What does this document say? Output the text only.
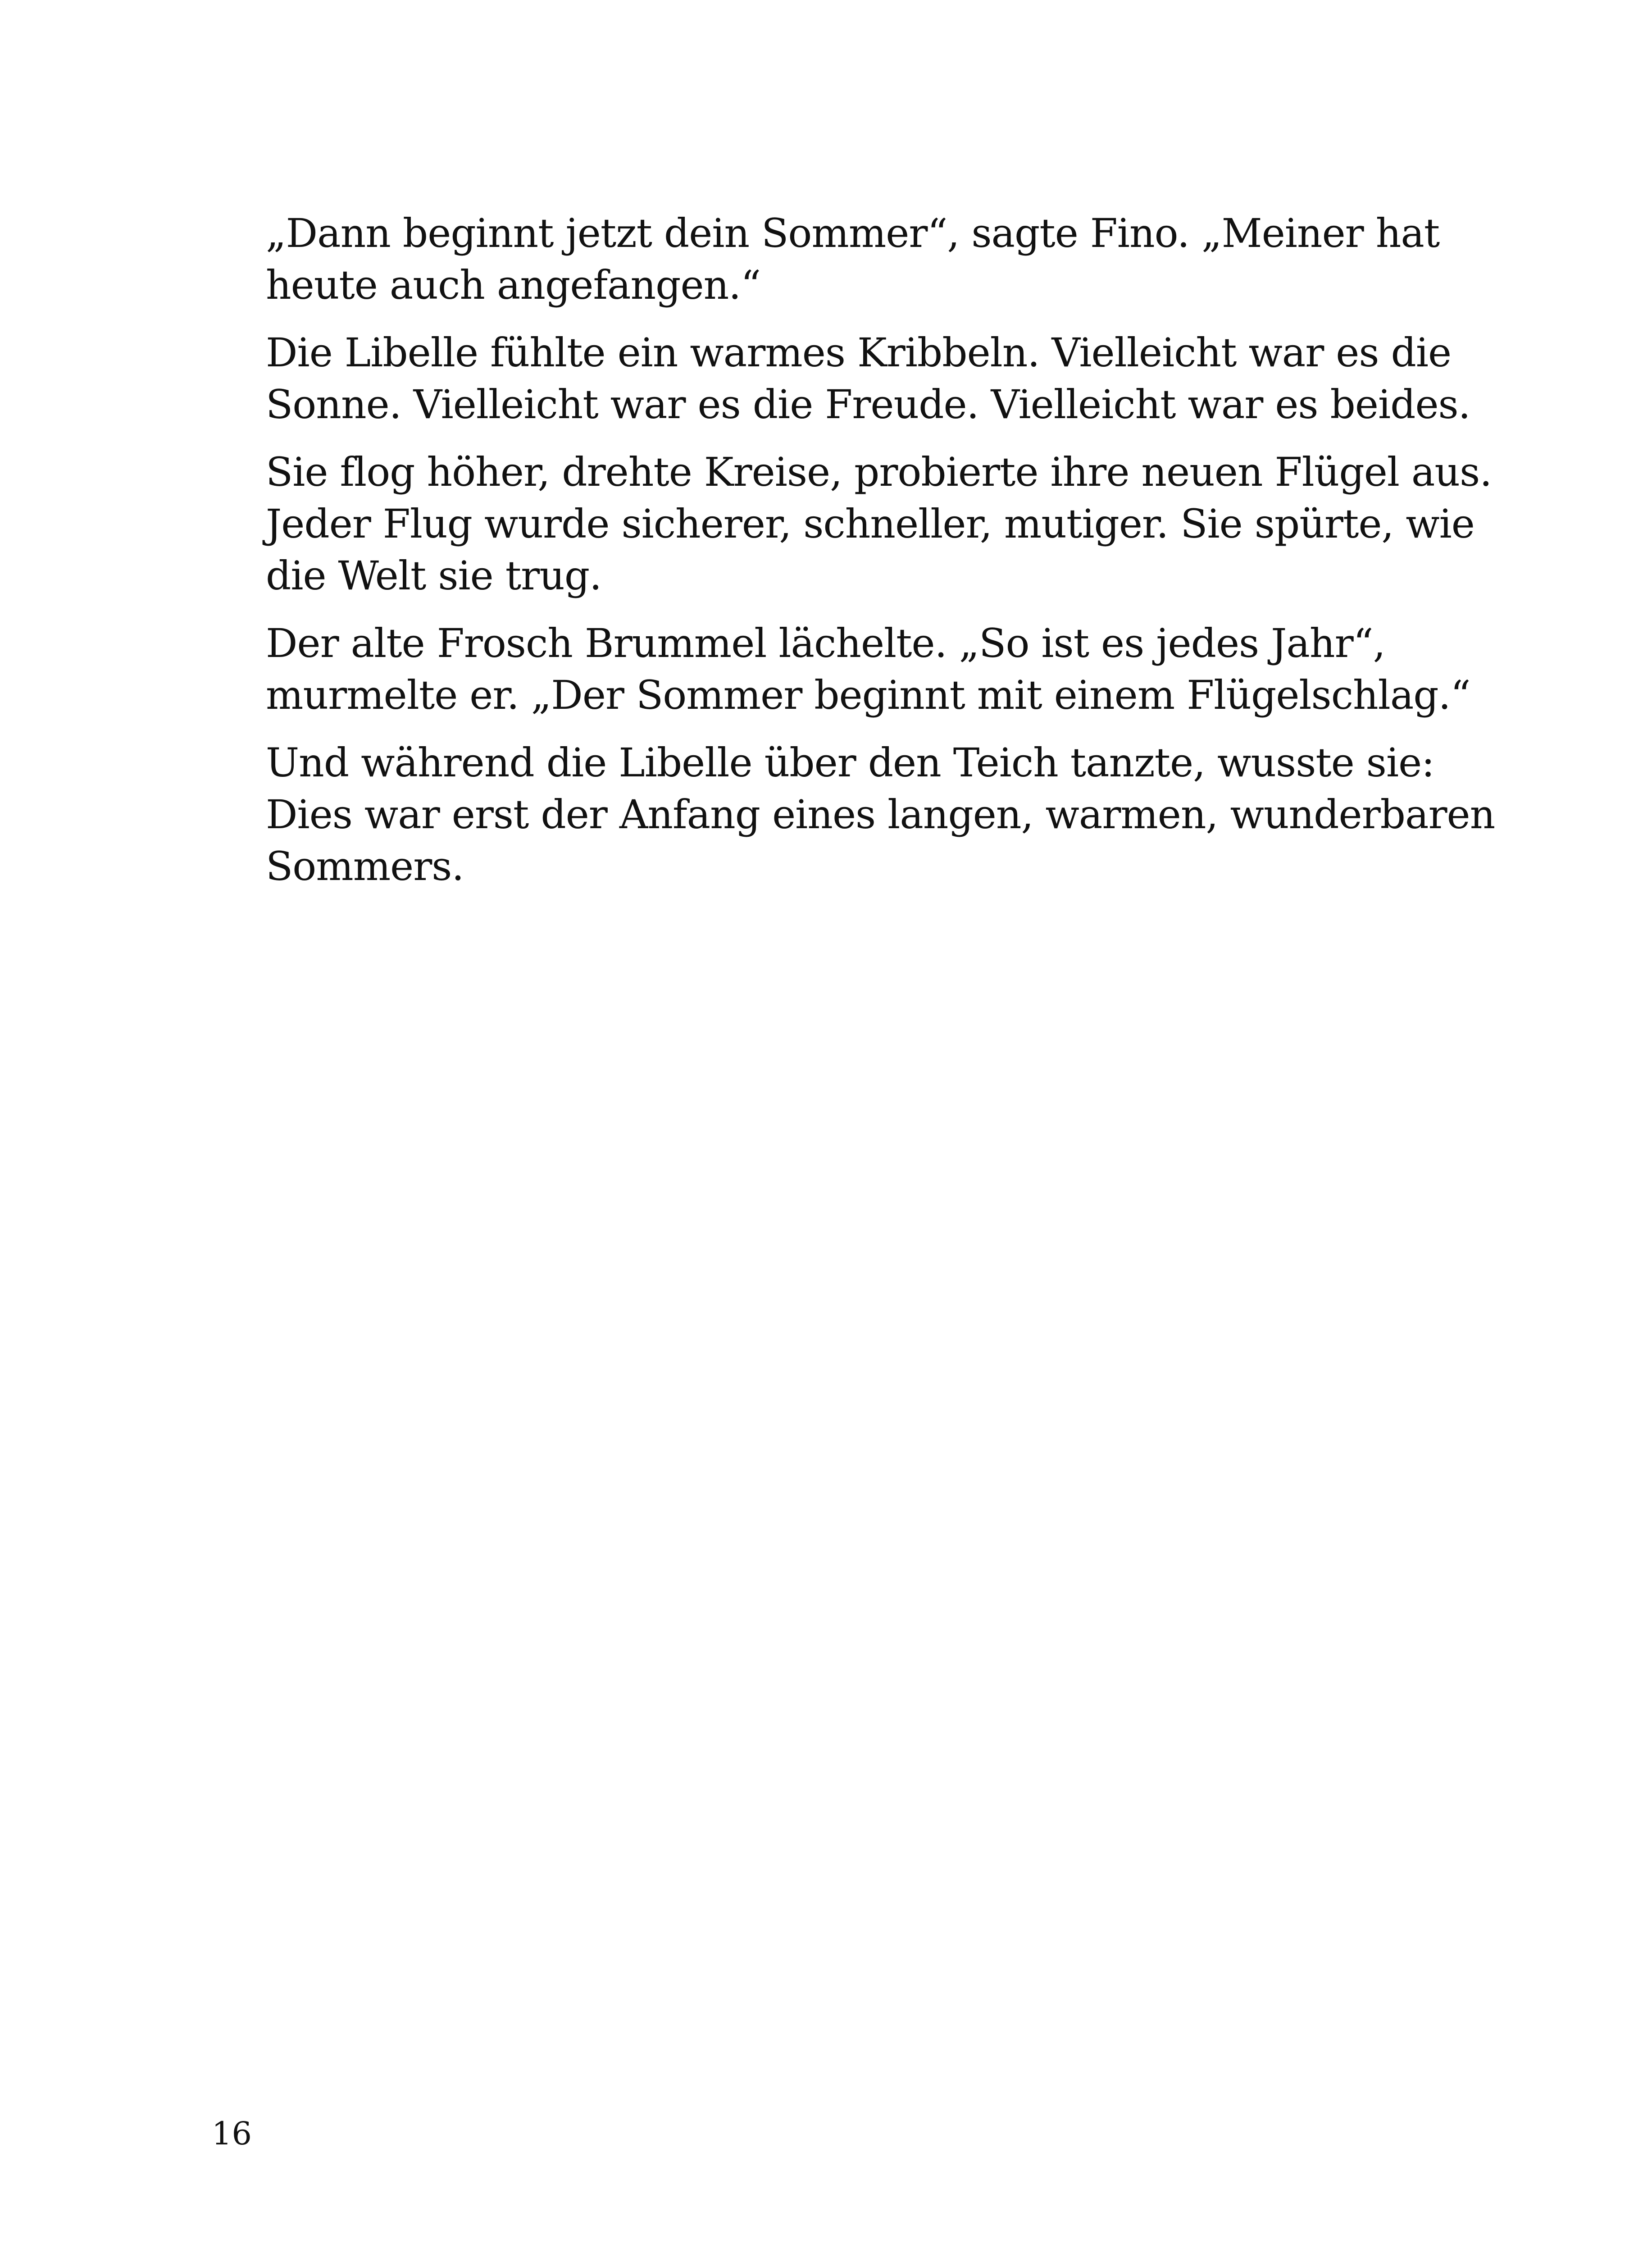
„Dann beginnt jetzt dein Sommer“, sagte Fino. „Meiner hat
heute auch angefangen.“

Die Libelle fühlte ein warmes Kribbeln. Vielleicht war es die
Sonne. Vielleicht war es die Freude. Vielleicht war es beides.

Sie flog höher, drehte Kreise, probierte ihre neuen Flügel aus.
Jeder Flug wurde sicherer, schneller, mutiger. Sie spürte, wie
die Welt sie trug.

Der alte Frosch Brummel lächelte. „So ist es jedes Jahr“,
murmelte er. „Der Sommer beginnt mit einem Flügelschlag.“

Und während die Libelle über den Teich tanzte, wusste sie:
Dies war erst der Anfang eines langen, warmen, wunderbaren
Sommers.

16
